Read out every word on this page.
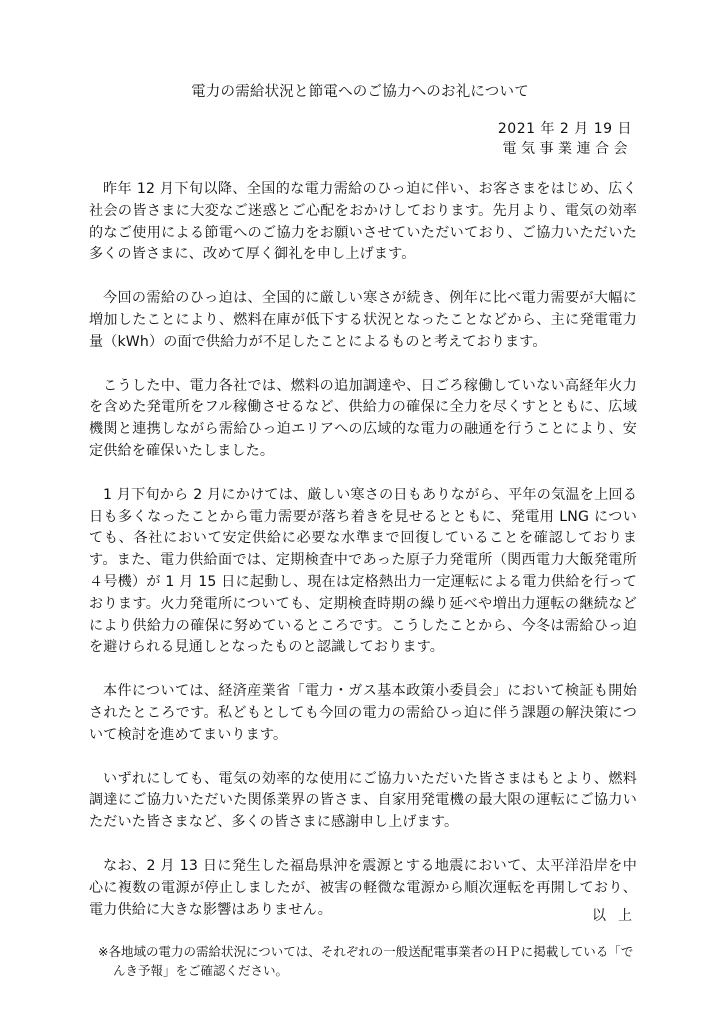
電力の需給状況と節電へのご協力へのお礼について
2021 年 2 月 19 日
電気事業連合会

昨年 12 月下旬以降、全国的な電力需給のひっ迫に伴い、お客さまをはじめ、広く社会の皆さまに大変なご迷惑とご心配をおかけしております。先月より、電気の効率的なご使用による節電へのご協力をお願いさせていただいており、ご協力いただいた多くの皆さまに、改めて厚く御礼を申し上げます。

今回の需給のひっ迫は、全国的に厳しい寒さが続き、例年に比べ電力需要が大幅に増加したことにより、燃料在庫が低下する状況となったことなどから、主に発電電力量（kWh）の面で供給力が不足したことによるものと考えております。

こうした中、電力各社では、燃料の追加調達や、日ごろ稼働していない高経年火力を含めた発電所をフル稼働させるなど、供給力の確保に全力を尽くすとともに、広域機関と連携しながら需給ひっ迫エリアへの広域的な電力の融通を行うことにより、安定供給を確保いたしました。

1 月下旬から 2 月にかけては、厳しい寒さの日もありながら、平年の気温を上回る日も多くなったことから電力需要が落ち着きを見せるとともに、発電用 LNG についても、各社において安定供給に必要な水準まで回復していることを確認しております。また、電力供給面では、定期検査中であった原子力発電所（関西電力大飯発電所４号機）が 1 月 15 日に起動し、現在は定格熱出力一定運転による電力供給を行っております。火力発電所についても、定期検査時期の繰り延べや増出力運転の継続などにより供給力の確保に努めているところです。こうしたことから、今冬は需給ひっ迫を避けられる見通しとなったものと認識しております。

本件については、経済産業省「電力・ガス基本政策小委員会」において検証も開始されたところです。私どもとしても今回の電力の需給ひっ迫に伴う課題の解決策について検討を進めてまいります。

いずれにしても、電気の効率的な使用にご協力いただいた皆さまはもとより、燃料調達にご協力いただいた関係業界の皆さま、自家用発電機の最大限の運転にご協力いただいた皆さまなど、多くの皆さまに感謝申し上げます。

なお、2 月 13 日に発生した福島県沖を震源とする地震において、太平洋沿岸を中心に複数の電源が停止しましたが、被害の軽微な電源から順次運転を再開しており、電力供給に大きな影響はありません。

※各地域の電力の需給状況については、それぞれの一般送配電事業者のＨＰに掲載している「でんき予報」をご確認ください。

以上
